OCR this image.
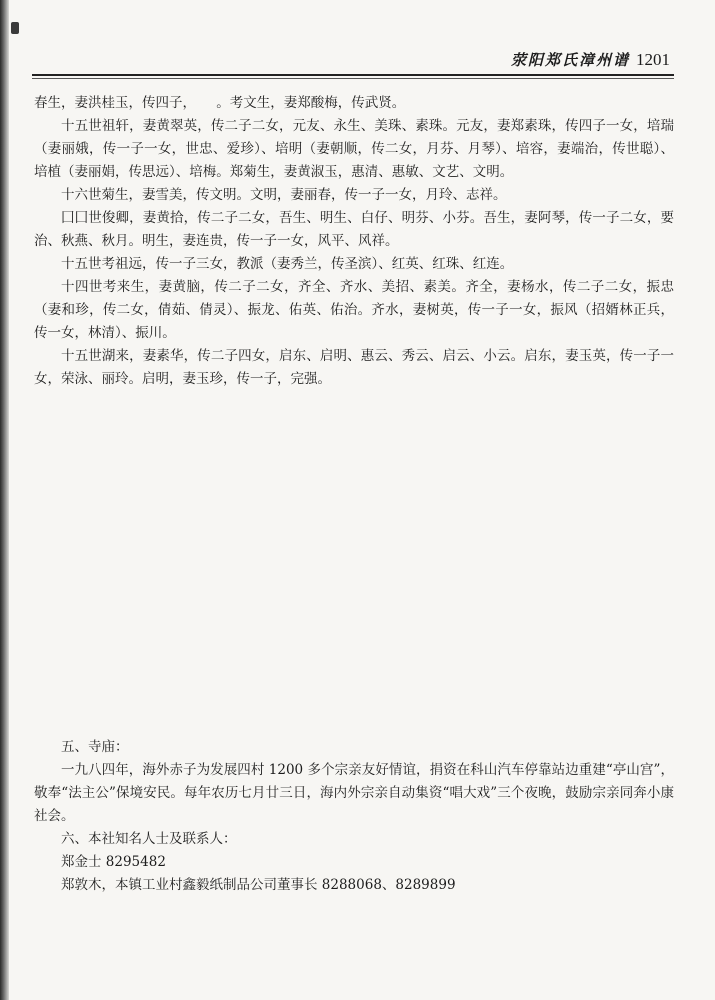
荥阳郑氏漳州谱 1201

春生，妻洪桂玉，传四子，　　。考文生，妻郑酸梅，传武贤。

十五世祖轩，妻黄翠英，传二子二女，元友、永生、美珠、素珠。元友，妻郑素珠，传四子一女，培瑞（妻丽娥，传一子一女，世忠、爱珍）、培明（妻朝顺，传二女，月芬、月琴）、培容，妻端治，传世聪）、培植（妻丽娟，传思远）、培梅。郑菊生，妻黄淑玉，惠清、惠敏、文艺、文明。

十六世菊生，妻雪美，传文明。文明，妻丽春，传一子一女，月玲、志祥。

囗囗世俊卿，妻黄拾，传二子二女，吾生、明生、白仔、明芬、小芬。吾生，妻阿琴，传一子二女，要治、秋燕、秋月。明生，妻连贵，传一子一女，风平、风祥。

十五世考祖远，传一子三女，教派（妻秀兰，传圣滨）、红英、红珠、红连。

十四世考来生，妻黄脑，传二子二女，齐全、齐水、美招、素美。齐全，妻杨水，传二子二女，振忠（妻和珍，传二女，倩茹、倩灵）、振龙、佑英、佑治。齐水，妻树英，传一子一女，振风（招婿林正兵，传一女，林清）、振川。

十五世湖来，妻素华，传二子四女，启东、启明、惠云、秀云、启云、小云。启东，妻玉英，传一子一女，荣泳、丽玲。启明，妻玉珍，传一子，完强。

五、寺庙：

一九八四年，海外赤子为发展四村 1200 多个宗亲友好情谊，捐资在科山汽车停靠站边重建“亭山宫”，敬奉“法主公”保境安民。每年农历七月廿三日，海内外宗亲自动集资“唱大戏”三个夜晚，鼓励宗亲同奔小康社会。

六、本社知名人士及联系人：

郑金士 8295482

郑敦木，本镇工业村鑫毅纸制品公司董事长 8288068、8289899
